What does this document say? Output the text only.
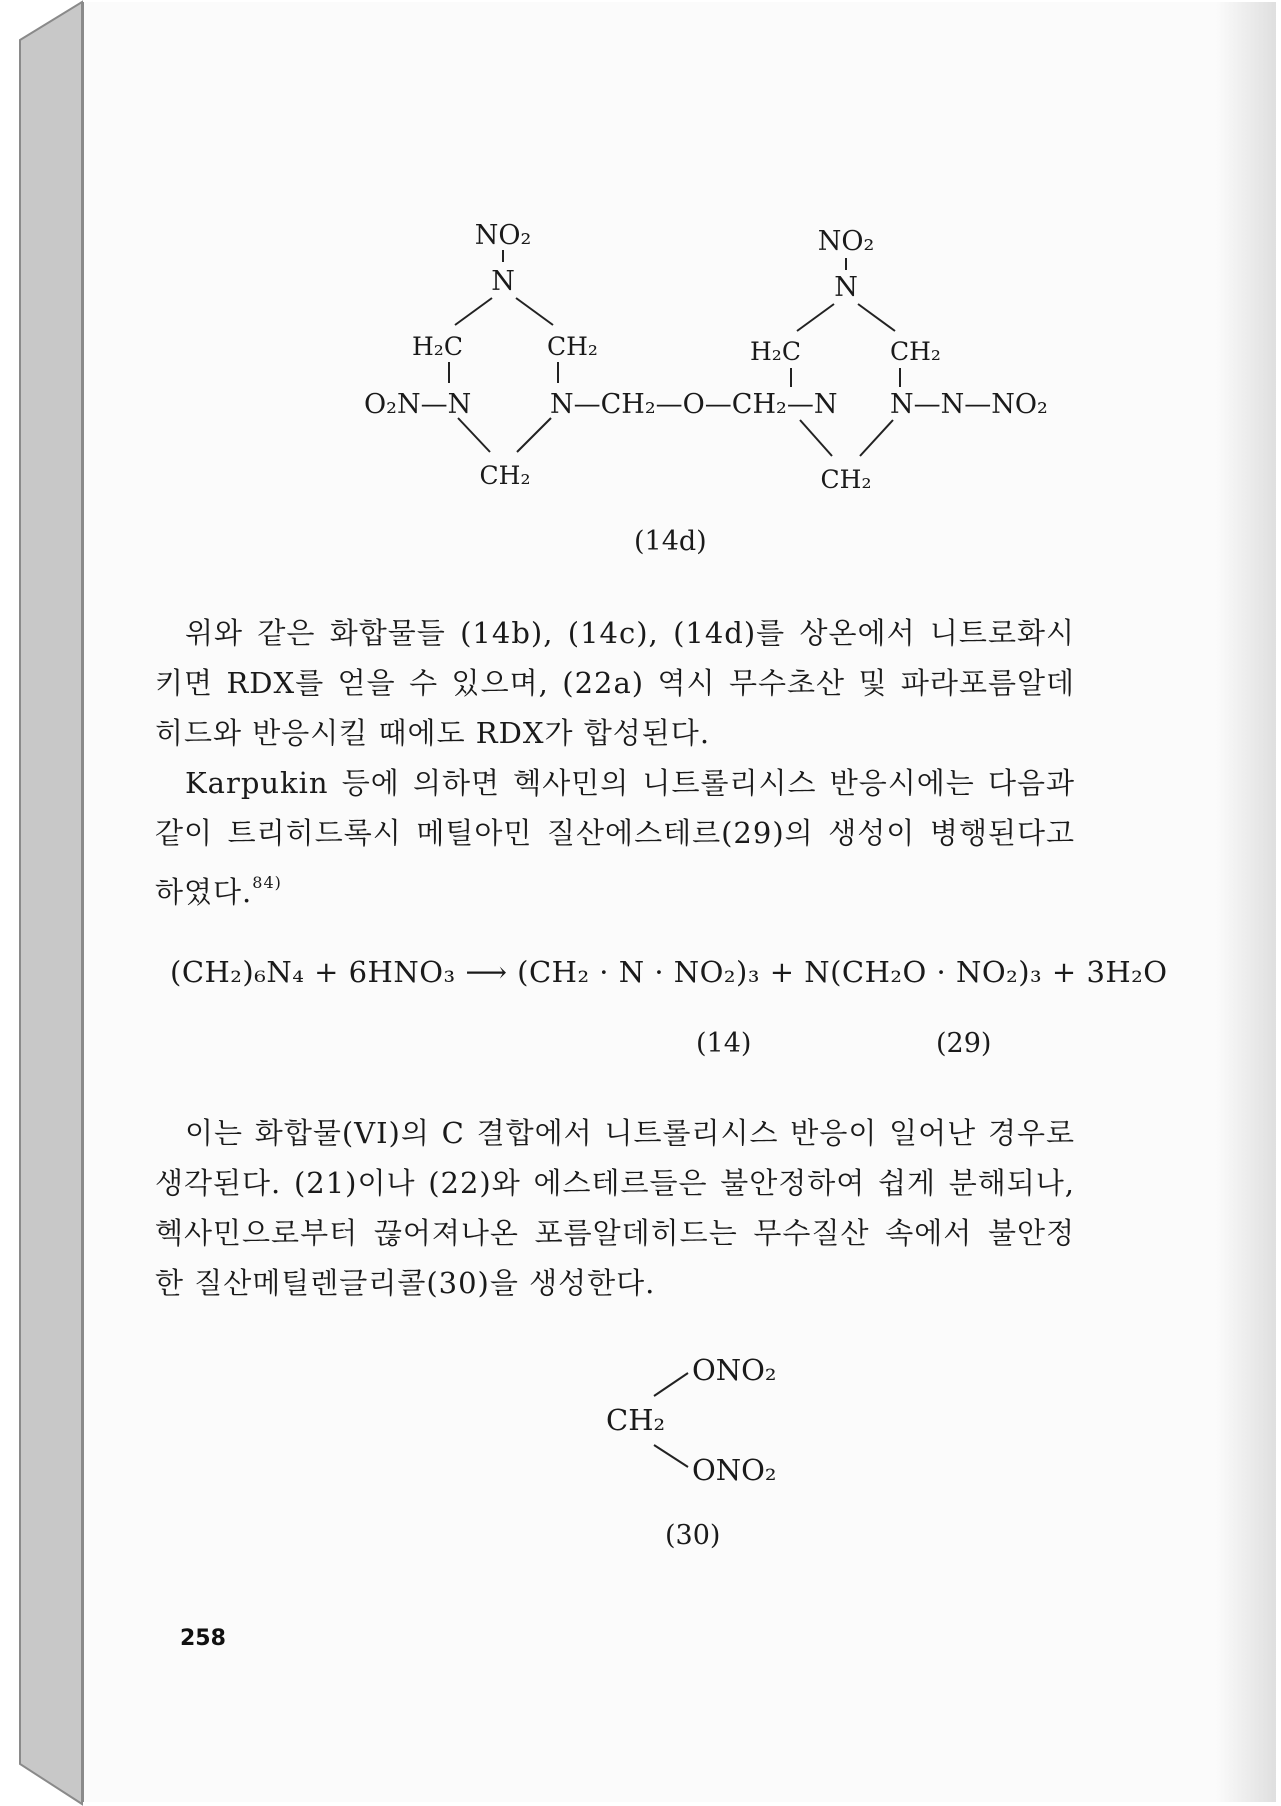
NO₂
N
H₂C	CH₂
O₂N—N
CH₂
N—CH₂—O—CH₂—N
NO₂
N
H₂C	CH₂
N—N—NO₂
CH₂
(14d)

위와 같은 화합물들 (14b), (14c), (14d)를 상온에서 니트로화시키면 RDX를 얻을 수 있으며, (22a) 역시 무수초산 및 파라포름알데히드와 반응시킬 때에도 RDX가 합성된다.

Karpukin 등에 의하면 헥사민의 니트롤리시스 반응시에는 다음과 같이 트리히드록시 메틸아민 질산에스테르(29)의 생성이 병행된다고 하였다.$^{84)}$

(CH₂)₆N₄ + 6HNO₃ ⟶ (CH₂ · N · NO₂)₃ + N(CH₂O · NO₂)₃ + 3H₂O
(14)	(29)

이는 화합물(VI)의 C 결합에서 니트롤리시스 반응이 일어난 경우로 생각된다. (21)이나 (22)와 에스테르들은 불안정하여 쉽게 분해되나, 헥사민으로부터 끊어져나온 포름알데히드는 무수질산 속에서 불안정한 질산메틸렌글리콜(30)을 생성한다.

ONO₂
CH₂
ONO₂
(30)
258
